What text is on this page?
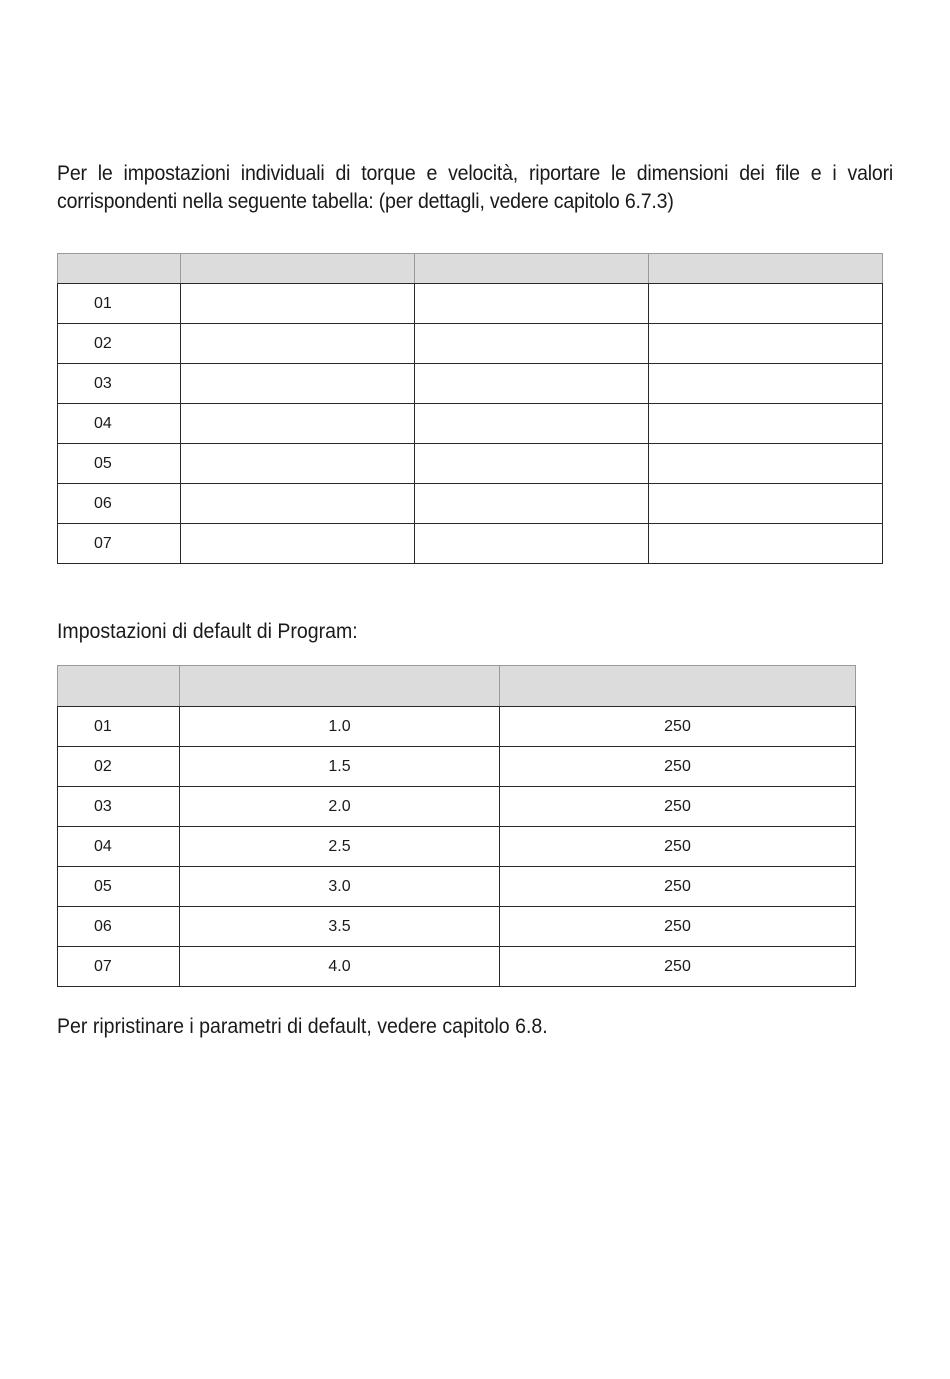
Per le impostazioni individuali di torque e velocità, riportare le dimensioni dei file e i valori corrispondenti nella seguente tabella: (per dettagli, vedere capitolo 6.7.3)

01			
02			
03			
04			
05			
06			
07			

Impostazioni di default di Program:

01	1.0	250
02	1.5	250
03	2.0	250
04	2.5	250
05	3.0	250
06	3.5	250
07	4.0	250

Per ripristinare i parametri di default, vedere capitolo 6.8.
